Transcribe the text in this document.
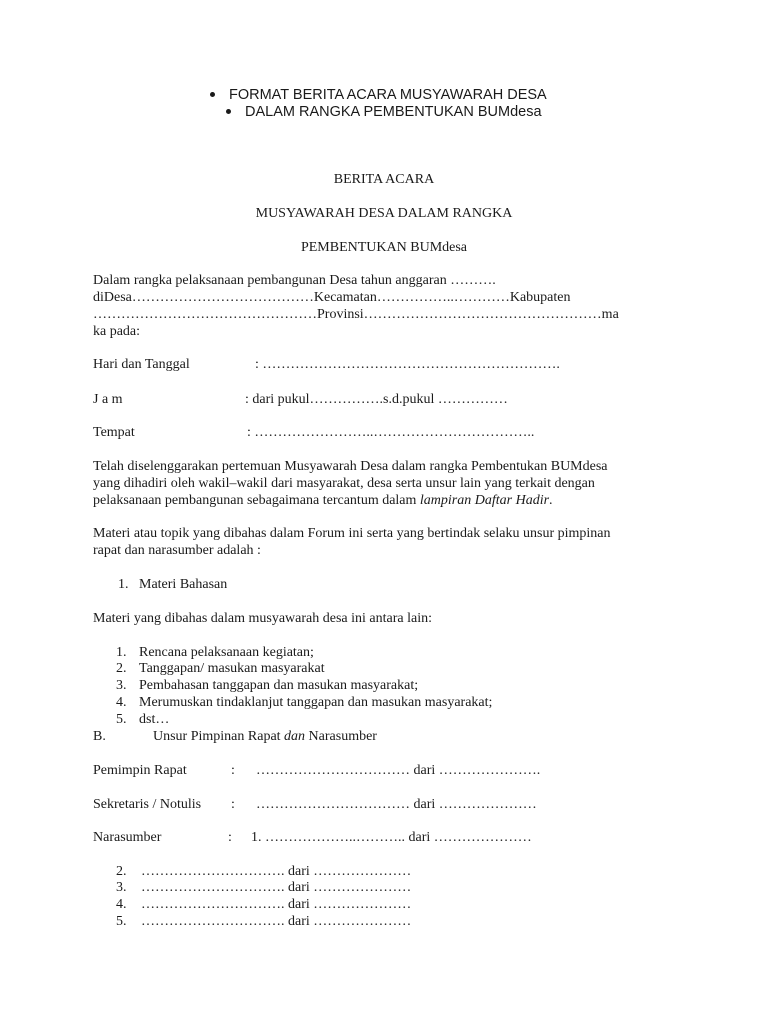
FORMAT BERITA ACARA MUSYAWARAH DESA
DALAM RANGKA PEMBENTUKAN BUMdesa
BERITA ACARA
MUSYAWARAH DESA DALAM RANGKA
PEMBENTUKAN BUMdesa
Dalam rangka pelaksanaan pembangunan Desa tahun anggaran ……….
diDesa…………………………………Kecamatan……………..…………Kabupaten
…………………………………………Provinsi……………………………………………ma
ka pada:
Hari dan Tanggal	: ……………………………………………………….
J a m	: dari pukul…………….s.d.pukul ……………
Tempat	: ……………………..……………………………..
Telah diselenggarakan pertemuan Musyawarah Desa dalam rangka Pembentukan BUMdesa
yang dihadiri oleh wakil–wakil dari masyarakat, desa serta unsur lain yang terkait dengan
pelaksanaan pembangunan sebagaimana tercantum dalam lampiran Daftar Hadir.
Materi atau topik yang dibahas dalam Forum ini serta yang bertindak selaku unsur pimpinan
rapat dan narasumber adalah :
1. Materi Bahasan
Materi yang dibahas dalam musyawarah desa ini antara lain:
1. Rencana pelaksanaan kegiatan;
2. Tanggapan/ masukan masyarakat
3. Pembahasan tanggapan dan masukan masyarakat;
4. Merumuskan tindaklanjut tanggapan dan masukan masyarakat;
5. dst…
B.	Unsur Pimpinan Rapat dan Narasumber
Pemimpin Rapat	: …………………………… dari ………………….
Sekretaris / Notulis : …………………………… dari …………………
Narasumber	: 1. ………………..……….. dari …………………
2. …………………………. dari …………………
3. …………………………. dari …………………
4. …………………………. dari …………………
5. …………………………. dari …………………
